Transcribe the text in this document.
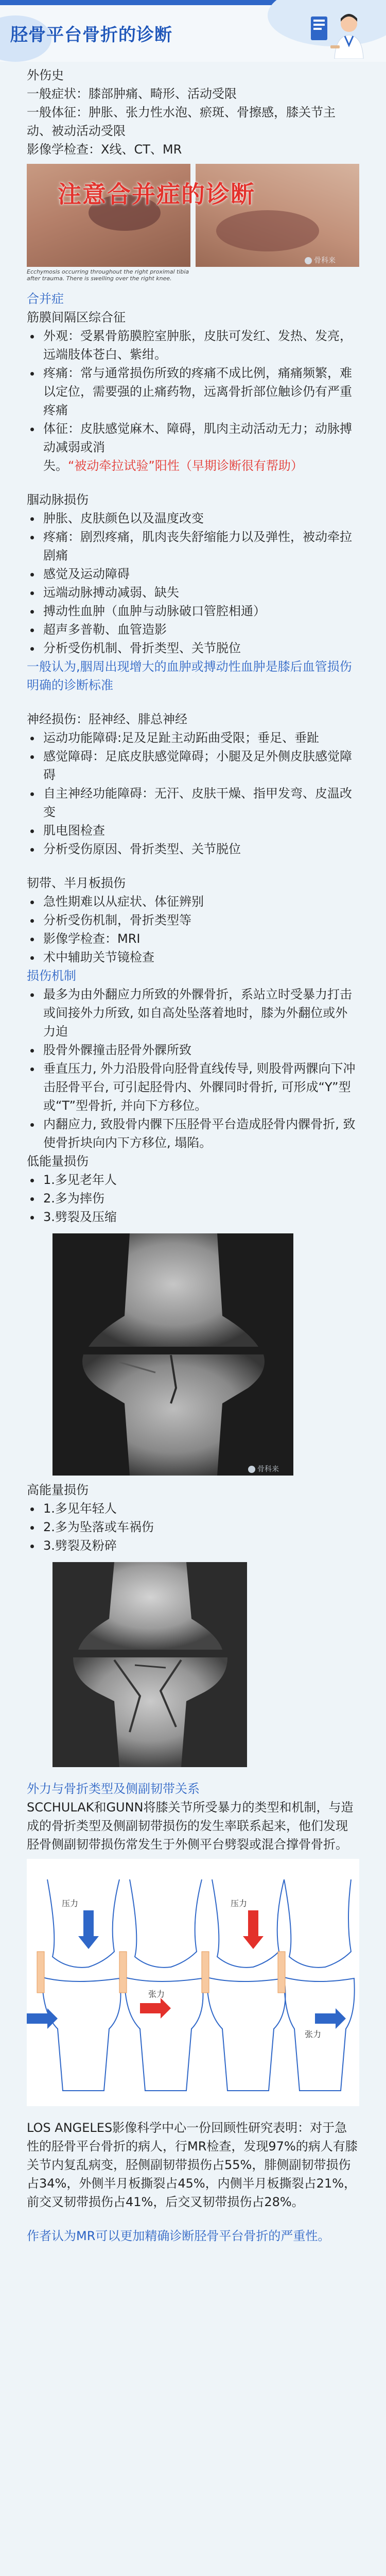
胫骨平台骨折的诊断

外伤史

一般症状：膝部肿痛、畸形、活动受限

一般体征：肿胀、张力性水泡、瘀斑、骨擦感，膝关节主动、被动活动受限

影像学检查：X线、CT、MR

Ecchymosis occurring throughout the right proximal tibia after trauma. There is swelling over the right knee.
注意合并症的诊断
骨科来

合并症

筋膜间隔区综合征

• 外观：受累骨筋膜腔室肿胀，皮肤可发红、发热、发亮，远端肢体苍白、紫绀。
• 疼痛：常与通常损伤所致的疼痛不成比例，痛痛频繁，难以定位，需要强的止痛药物，远离骨折部位触诊仍有严重疼痛
• 体征：皮肤感觉麻木、障碍，肌肉主动活动无力；动脉搏动减弱或消失。“被动牵拉试验”阳性（早期诊断很有帮助）

腘动脉损伤

• 肿胀、皮肤颜色以及温度改变
• 疼痛：剧烈疼痛，肌肉丧失舒缩能力以及弹性，被动牵拉剧痛
• 感觉及运动障碍
• 远端动脉搏动减弱、缺失
• 搏动性血肿（血肿与动脉破口管腔相通）
• 超声多普勒、血管造影
• 分析受伤机制、骨折类型、关节脱位

一般认为,胭周出现增大的血肿或搏动性血肿是膝后血管损伤明确的诊断标准

神经损伤：胫神经、腓总神经

• 运动功能障碍:足及足趾主动跖曲受限；垂足、垂趾
• 感觉障碍：足底皮肤感觉障碍；小腿及足外侧皮肤感觉障碍
• 自主神经功能障碍：无汗、皮肤干燥、指甲发弯、皮温改变
• 肌电图检查
• 分析受伤原因、骨折类型、关节脱位

韧带、半月板损伤

• 急性期难以从症状、体征辨别
• 分析受伤机制，骨折类型等
• 影像学检查：MRI
• 术中辅助关节镜检查

损伤机制

• 最多为由外翻应力所致的外髁骨折，系站立时受暴力打击或间接外力所致, 如自高处坠落着地时，膝为外翻位或外力迫
• 股骨外髁撞击胫骨外髁所致
• 垂直压力, 外力沿股骨向胫骨直线传导, 则股骨两髁向下冲击胫骨平台, 可引起胫骨内、外髁同时骨折, 可形成“Y”型或“T”型骨折, 并向下方移位。
• 内翻应力, 致股骨内髁下压胫骨平台造成胫骨内髁骨折, 致使骨折块向内下方移位, 塌陷。

低能量损伤

• 1.多见老年人
• 2.多为摔伤
• 3.劈裂及压缩
骨科来

高能量损伤

• 1.多见年轻人
• 2.多为坠落或车祸伤
• 3.劈裂及粉碎

外力与骨折类型及侧副韧带关系

SCCHULAK和GUNN将膝关节所受暴力的类型和机制，与造成的骨折类型及侧副韧带损伤的发生率联系起来，他们发现胫骨侧副韧带损伤常发生于外侧平台劈裂或混合撑骨骨折。

压力
张力
压力
张力

LOS ANGELES影像科学中心一份回顾性研究表明：对于急性的胫骨平台骨折的病人，行MR检查，发现97%的病人有膝关节内复乱病变，胫侧副韧带损伤占55%，腓侧副韧带损伤占34%，外侧半月板撕裂占45%，内侧半月板撕裂占21%，前交叉韧带损伤占41%，后交叉韧带损伤占28%。

作者认为MR可以更加精确诊断胫骨平台骨折的严重性。
